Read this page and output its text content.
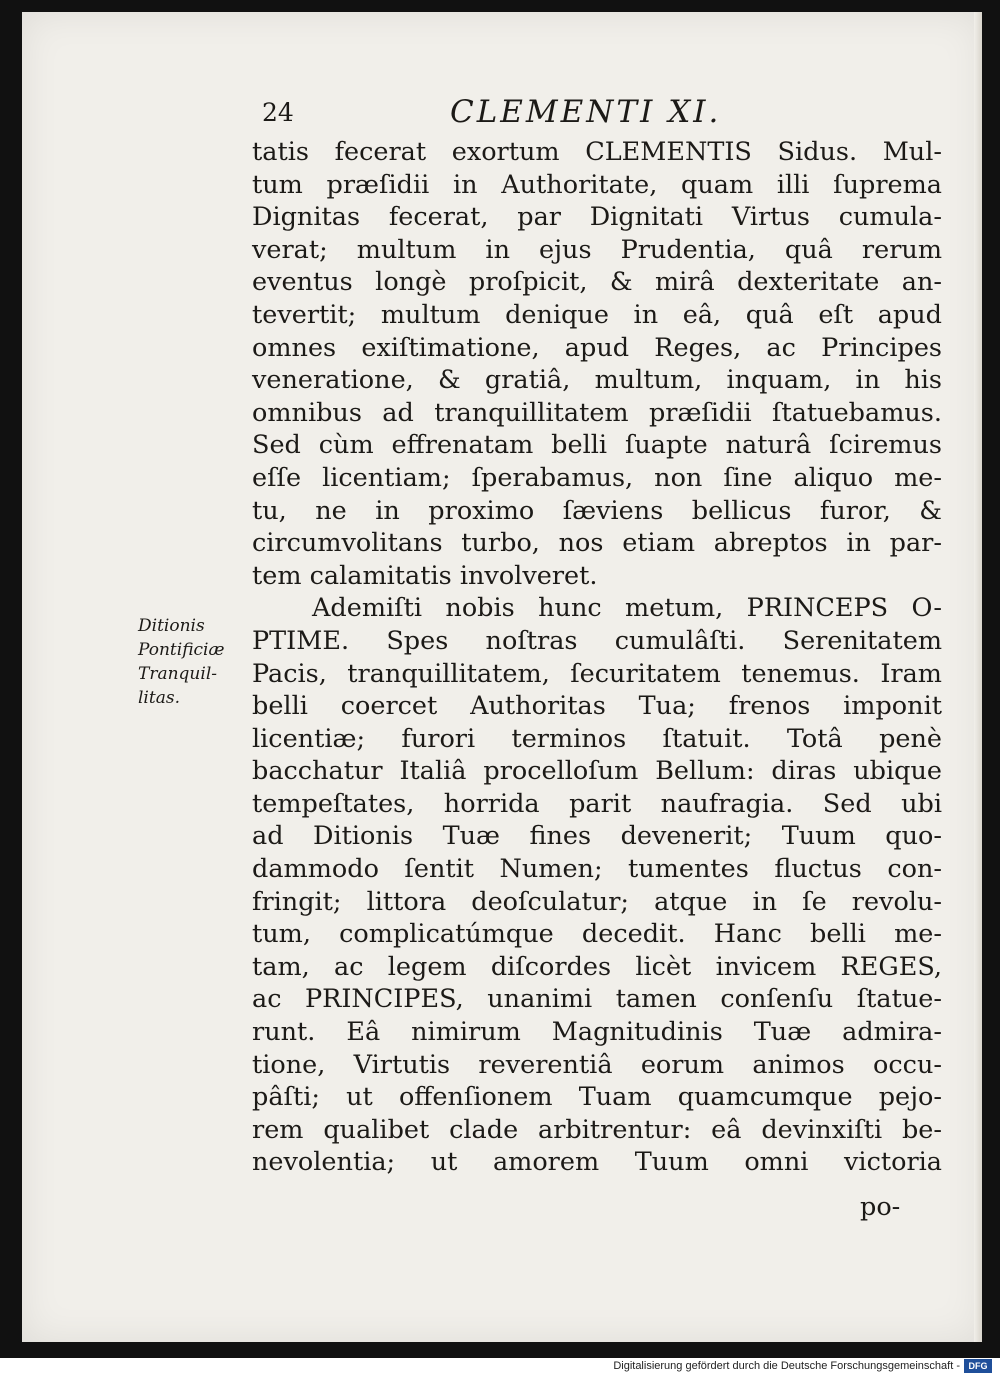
24	CLEMENTI XI.
tatis fecerat exortum CLEMENTIS Sidus. Mul-
tum præſidii in Authoritate, quam illi ſuprema
Dignitas fecerat, par Dignitati Virtus cumula-
verat; multum in ejus Prudentia, quâ rerum
eventus longè proſpicit, & mirâ dexteritate an-
tevertit; multum denique in eâ, quâ eſt apud
omnes exiſtimatione, apud Reges, ac Principes
veneratione, & gratiâ, multum, inquam, in his
omnibus ad tranquillitatem præſidii ſtatuebamus.
Sed cùm effrenatam belli ſuapte naturâ ſciremus
eſſe licentiam; ſperabamus, non ſine aliquo me-
tu, ne in proximo ſæviens bellicus furor, &
circumvolitans turbo, nos etiam abreptos in par-
tem calamitatis involveret.
Ademiſti nobis hunc metum, PRINCEPS O-
PTIME. Spes noſtras cumulâſti. Serenitatem
Pacis, tranquillitatem, ſecuritatem tenemus. Iram
belli coercet Authoritas Tua; frenos imponit
licentiæ; furori terminos ſtatuit. Totâ penè
bacchatur Italiâ procelloſum Bellum: diras ubique
tempeſtates, horrida parit naufragia. Sed ubi
ad Ditionis Tuæ fines devenerit; Tuum quo-
dammodo ſentit Numen; tumentes fluctus con-
fringit; littora deoſculatur; atque in ſe revolu-
tum, complicatúmque decedit. Hanc belli me-
tam, ac legem diſcordes licèt invicem REGES,
ac PRINCIPES, unanimi tamen conſenſu ſtatue-
runt. Eâ nimirum Magnitudinis Tuæ admira-
tione, Virtutis reverentiâ eorum animos occu-
pâſti; ut offenſionem Tuam quamcumque pejo-
rem qualibet clade arbitrentur: eâ devinxiſti be-
nevolentia; ut amorem Tuum omni victoria
po-
Ditionis
Pontificiæ
Tranquil-
litas.
Digitalisierung gefördert durch die Deutsche Forschungsgemeinschaft - DFG
